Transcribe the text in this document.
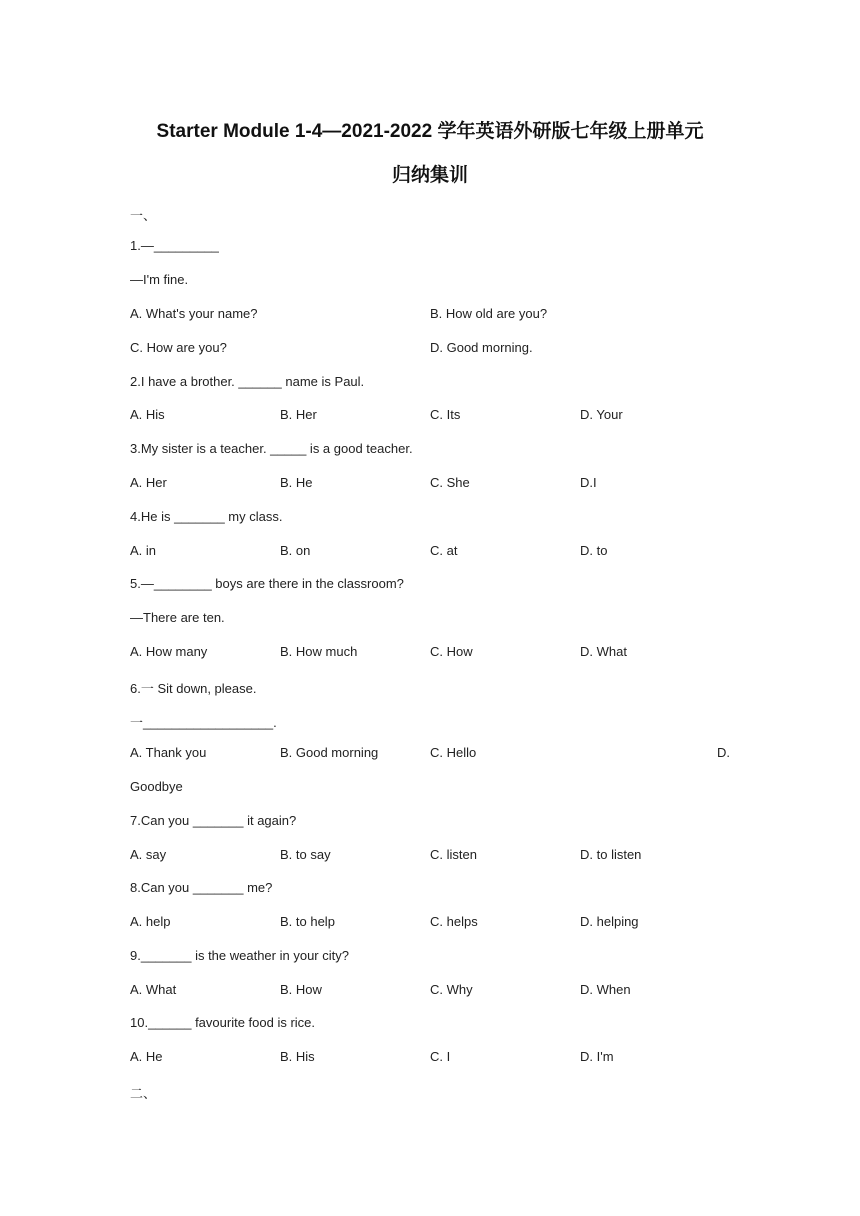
Starter Module 1-4—2021-2022 学年英语外研版七年级上册单元
归纳集训
一、
1.—_________
—I'm fine.
A. What's your name?	B. How old are you?
C. How are you?	D. Good morning.
2.I have a brother. ______ name is Paul.
A. His	B. Her	C. Its	D. Your
3.My sister is a teacher. _____ is a good teacher.
A. Her	B. He	C. She	D.I
4.He is _______ my class.
A. in	B. on	C. at	D. to
5.—________ boys are there in the classroom?
—There are ten.
A. How many	B. How much	C. How	D. What
6.一 Sit down, please.
一__________________.
A. Thank you	B. Good morning	C. Hello	D.
Goodbye
7.Can you _______ it again?
A. say	B. to say	C. listen	D. to listen
8.Can you _______ me?
A. help	B. to help	C. helps	D. helping
9._______ is the weather in your city?
A. What	B. How	C. Why	D. When
10.______ favourite food is rice.
A. He	B. His	C. I	D. I'm
二、
